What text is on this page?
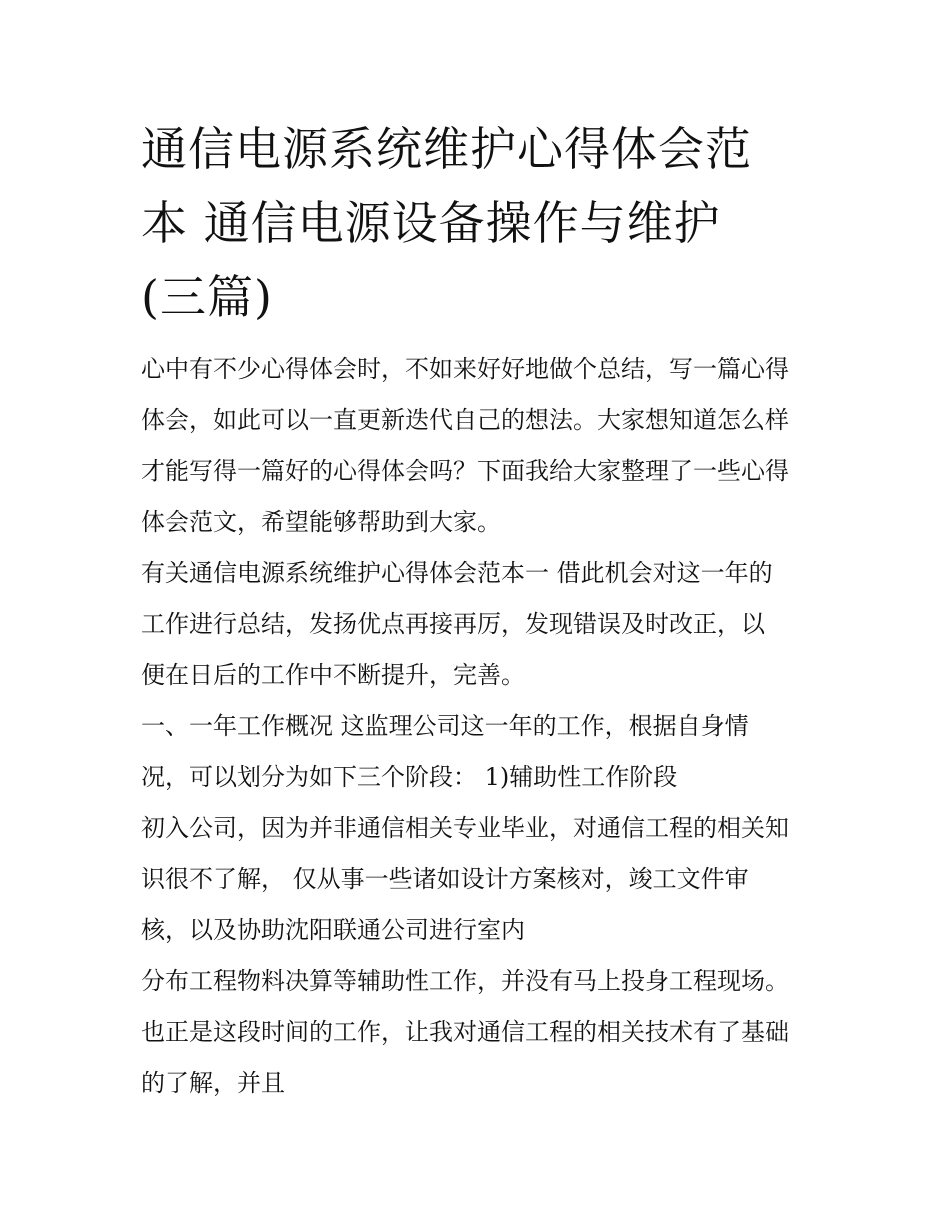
通信电源系统维护心得体会范
本 通信电源设备操作与维护
(三篇)

心中有不少心得体会时，不如来好好地做个总结，写一篇心得
体会，如此可以一直更新迭代自己的想法。大家想知道怎么样
才能写得一篇好的心得体会吗？下面我给大家整理了一些心得
体会范文，希望能够帮助到大家。

有关通信电源系统维护心得体会范本一 借此机会对这一年的
工作进行总结，发扬优点再接再厉，发现错误及时改正，以
便在日后的工作中不断提升，完善。

一、一年工作概况 这监理公司这一年的工作，根据自身情
况，可以划分为如下三个阶段： 1)辅助性工作阶段

初入公司，因为并非通信相关专业毕业，对通信工程的相关知
识很不了解， 仅从事一些诸如设计方案核对，竣工文件审
核，以及协助沈阳联通公司进行室内

分布工程物料决算等辅助性工作，并没有马上投身工程现场。
也正是这段时间的工作，让我对通信工程的相关技术有了基础
的了解，并且
